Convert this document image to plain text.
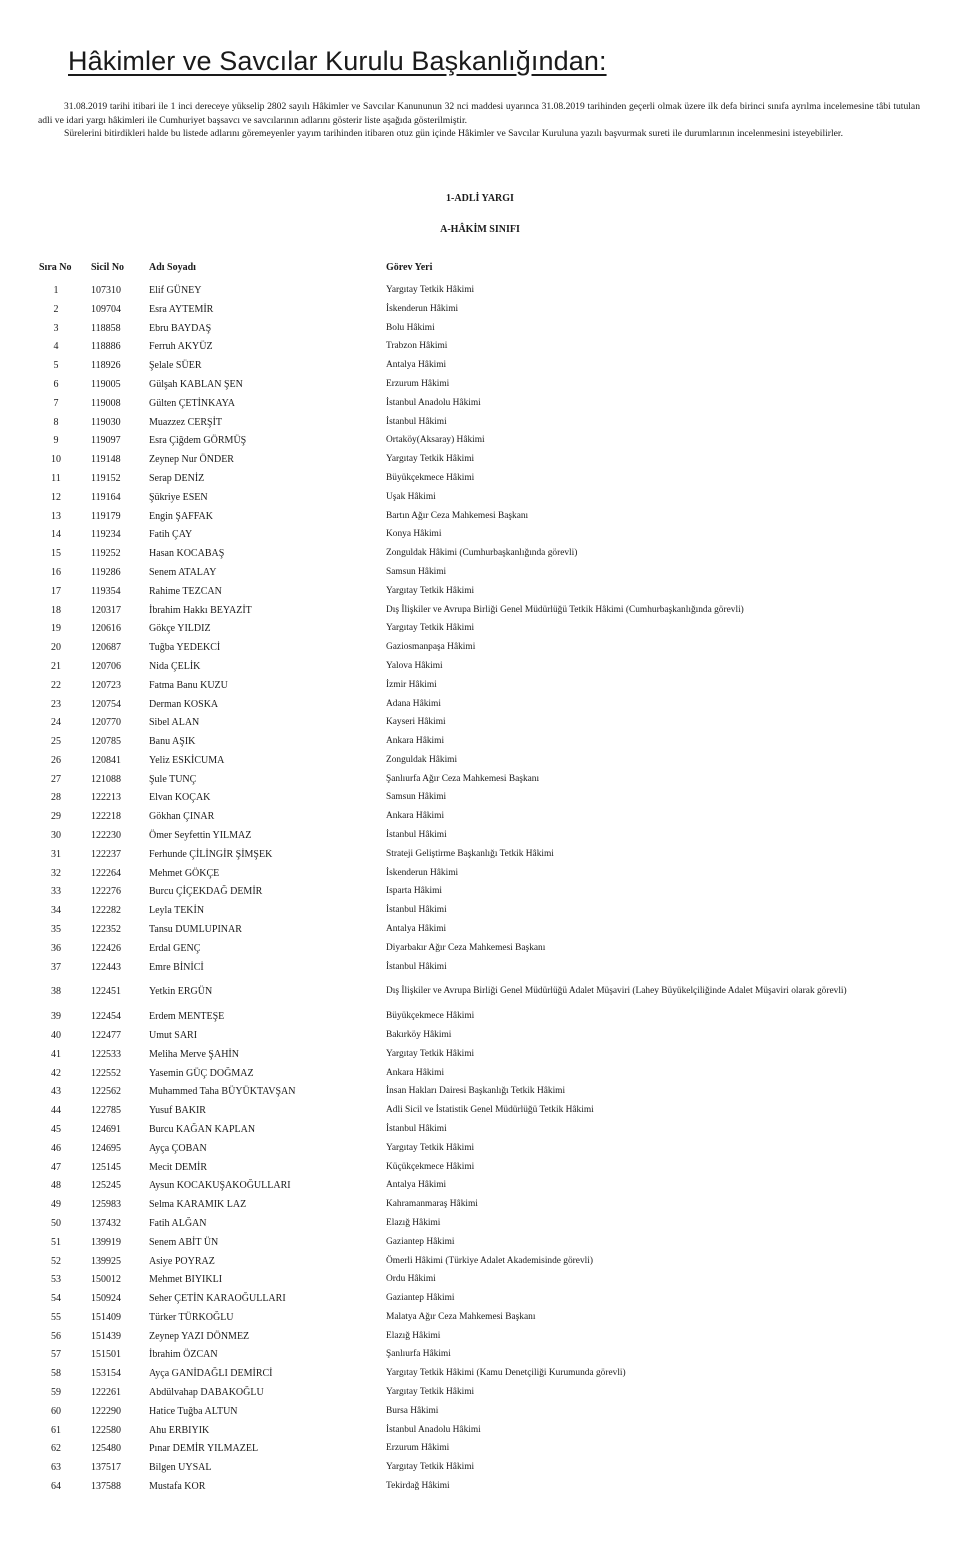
Hâkimler ve Savcılar Kurulu Başkanlığından:

31.08.2019 tarihi itibari ile 1 inci dereceye yükselip 2802 sayılı Hâkimler ve Savcılar Kanununun 32 nci maddesi uyarınca 31.08.2019 tarihinden geçerli olmak üzere ilk defa birinci sınıfa ayrılma incelemesine tâbi tutulan adli ve idari yargı hâkimleri ile Cumhuriyet başsavcı ve savcılarının adlarını gösterir liste aşağıda gösterilmiştir.

Sürelerini bitirdikleri halde bu listede adlarını göremeyenler yayım tarihinden itibaren otuz gün içinde Hâkimler ve Savcılar Kuruluna yazılı başvurmak sureti ile durumlarının incelenmesini isteyebilirler.

1-ADLİ YARGI
A-HÂKİM SINIFI
Sıra No Sicil No Adı Soyadı	Görev Yeri
1	107310	Elif GÜNEY	Yargıtay Tetkik Hâkimi
2	109704	Esra AYTEMİR	İskenderun Hâkimi
3	118858	Ebru BAYDAŞ	Bolu Hâkimi
4	118886	Ferruh AKYÜZ	Trabzon Hâkimi
5	118926	Şelale SÜER	Antalya Hâkimi
6	119005	Gülşah KABLAN ŞEN	Erzurum Hâkimi
7	119008	Gülten ÇETİNKAYA	İstanbul Anadolu Hâkimi
8	119030	Muazzez CERŞİT	İstanbul Hâkimi
9	119097	Esra Çiğdem GÖRMÜŞ	Ortaköy(Aksaray) Hâkimi
10	119148	Zeynep Nur ÖNDER	Yargıtay Tetkik Hâkimi
11	119152	Serap DENİZ	Büyükçekmece Hâkimi
12	119164	Şükriye ESEN	Uşak Hâkimi
13	119179	Engin ŞAFFAK	Bartın Ağır Ceza Mahkemesi Başkanı
14	119234	Fatih ÇAY	Konya Hâkimi
15	119252	Hasan KOCABAŞ	Zonguldak Hâkimi (Cumhurbaşkanlığında görevli)
16	119286	Senem ATALAY	Samsun Hâkimi
17	119354	Rahime TEZCAN	Yargıtay Tetkik Hâkimi
18	120317	İbrahim Hakkı BEYAZİT	Dış İlişkiler ve Avrupa Birliği Genel Müdürlüğü Tetkik Hâkimi (Cumhurbaşkanlığında görevli)
19	120616	Gökçe YILDIZ	Yargıtay Tetkik Hâkimi
20	120687	Tuğba YEDEKCİ	Gaziosmanpaşa Hâkimi
21	120706	Nida ÇELİK	Yalova Hâkimi
22	120723	Fatma Banu KUZU	İzmir Hâkimi
23	120754	Derman KOSKA	Adana Hâkimi
24	120770	Sibel ALAN	Kayseri Hâkimi
25	120785	Banu AŞIK	Ankara Hâkimi
26	120841	Yeliz ESKİCUMA	Zonguldak Hâkimi
27	121088	Şule TUNÇ	Şanlıurfa Ağır Ceza Mahkemesi Başkanı
28	122213	Elvan KOÇAK	Samsun Hâkimi
29	122218	Gökhan ÇINAR	Ankara Hâkimi
30	122230	Ömer Seyfettin YILMAZ	İstanbul Hâkimi
31	122237	Ferhunde ÇİLİNGİR ŞİMŞEK	Strateji Geliştirme Başkanlığı Tetkik Hâkimi
32	122264	Mehmet GÖKÇE	İskenderun Hâkimi
33	122276	Burcu ÇİÇEKDAĞ DEMİR	Isparta Hâkimi
34	122282	Leyla TEKİN	İstanbul Hâkimi
35	122352	Tansu DUMLUPINAR	Antalya Hâkimi
36	122426	Erdal GENÇ	Diyarbakır Ağır Ceza Mahkemesi Başkanı
37	122443	Emre BİNİCİ	İstanbul Hâkimi
38	122451	Yetkin ERGÜN	Dış İlişkiler ve Avrupa Birliği Genel Müdürlüğü Adalet Müşaviri (Lahey Büyükelçiliğinde Adalet Müşaviri olarak görevli)
39	122454	Erdem MENTEŞE	Büyükçekmece Hâkimi
40	122477	Umut SARI	Bakırköy Hâkimi
41	122533	Meliha Merve ŞAHİN	Yargıtay Tetkik Hâkimi
42	122552	Yasemin GÜÇ DOĞMAZ	Ankara Hâkimi
43	122562	Muhammed Taha BÜYÜKTAVŞAN	İnsan Hakları Dairesi Başkanlığı Tetkik Hâkimi
44	122785	Yusuf BAKIR	Adli Sicil ve İstatistik Genel Müdürlüğü Tetkik Hâkimi
45	124691	Burcu KAĞAN KAPLAN	İstanbul Hâkimi
46	124695	Ayça ÇOBAN	Yargıtay Tetkik Hâkimi
47	125145	Mecit DEMİR	Küçükçekmece Hâkimi
48	125245	Aysun KOCAKUŞAKOĞULLARI	Antalya Hâkimi
49	125983	Selma KARAMIK LAZ	Kahramanmaraş Hâkimi
50	137432	Fatih ALĞAN	Elazığ Hâkimi
51	139919	Senem ABİT ÜN	Gaziantep Hâkimi
52	139925	Asiye POYRAZ	Ömerli Hâkimi (Türkiye Adalet Akademisinde görevli)
53	150012	Mehmet BIYIKLI	Ordu Hâkimi
54	150924	Seher ÇETİN KARAOĞULLARI	Gaziantep Hâkimi
55	151409	Türker TÜRKOĞLU	Malatya Ağır Ceza Mahkemesi Başkanı
56	151439	Zeynep YAZI DÖNMEZ	Elazığ Hâkimi
57	151501	İbrahim ÖZCAN	Şanlıurfa Hâkimi
58	153154	Ayça GANİDAĞLI DEMİRCİ	Yargıtay Tetkik Hâkimi (Kamu Denetçiliği Kurumunda görevli)
59	122261	Abdülvahap DABAKOĞLU	Yargıtay Tetkik Hâkimi
60	122290	Hatice Tuğba ALTUN	Bursa Hâkimi
61	122580	Ahu ERBIYIK	İstanbul Anadolu Hâkimi
62	125480	Pınar DEMİR YILMAZEL	Erzurum Hâkimi
63	137517	Bilgen UYSAL	Yargıtay Tetkik Hâkimi
64	137588	Mustafa KOR	Tekirdağ Hâkimi
